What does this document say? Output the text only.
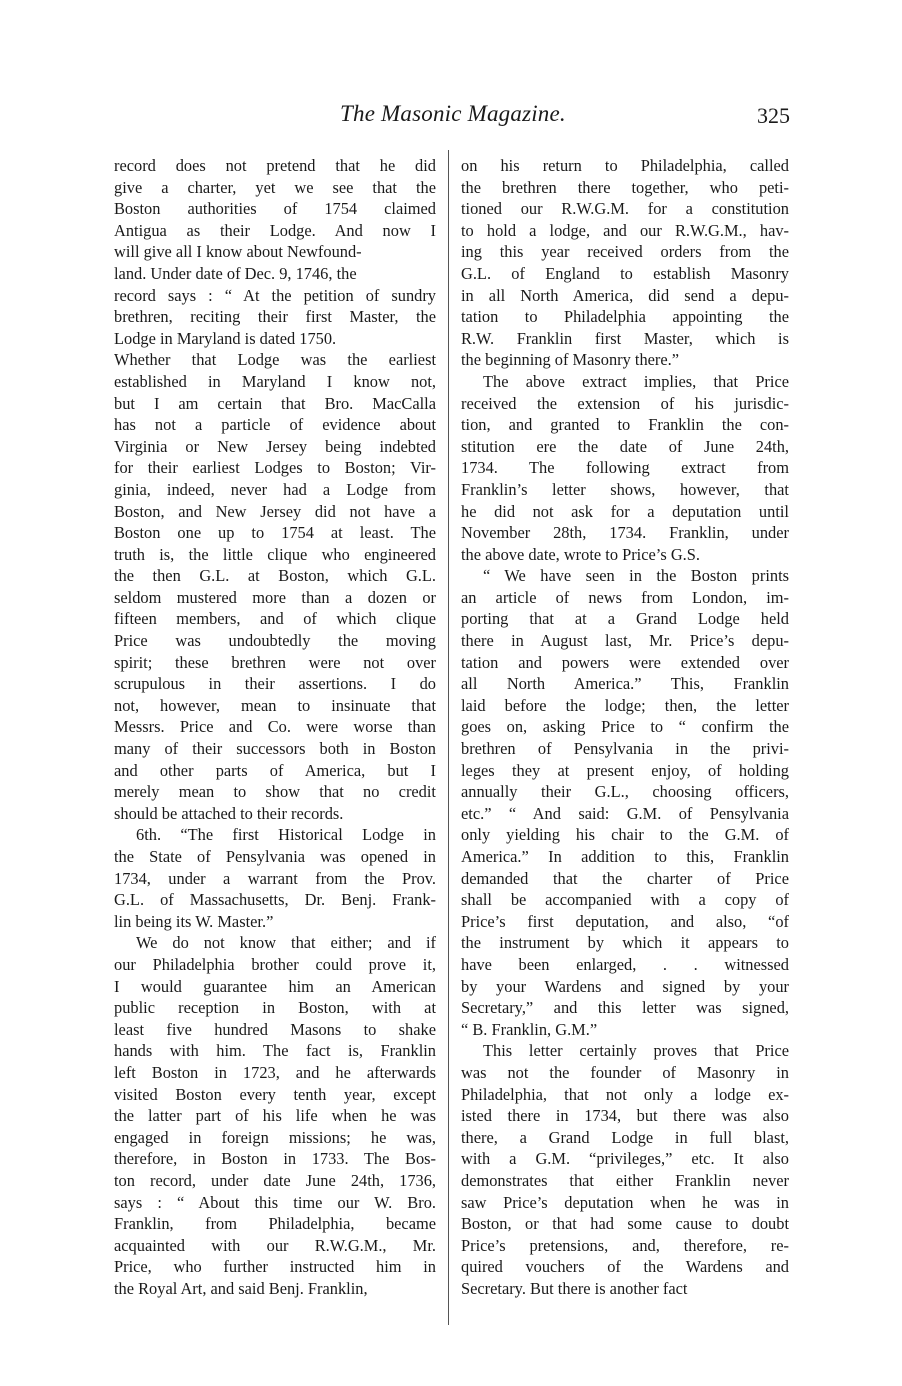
The Masonic Magazine.	325
record does not pretend that he did
give a charter, yet we see that the
Boston authorities of 1754 claimed
Antigua as their Lodge. And now I
will give all I know about Newfound-
land. Under date of Dec. 9, 1746, the
record says : “ At the petition of sundry
brethren, reciting their first Master, the
Lodge in Maryland is dated 1750.
Whether that Lodge was the earliest
established in Maryland I know not,
but I am certain that Bro. MacCalla
has not a particle of evidence about
Virginia or New Jersey being indebted
for their earliest Lodges to Boston; Vir-
ginia, indeed, never had a Lodge from
Boston, and New Jersey did not have a
Boston one up to 1754 at least. The
truth is, the little clique who engineered
the then G.L. at Boston, which G.L.
seldom mustered more than a dozen or
fifteen members, and of which clique
Price was undoubtedly the moving
spirit; these brethren were not over
scrupulous in their assertions. I do
not, however, mean to insinuate that
Messrs. Price and Co. were worse than
many of their successors both in Boston
and other parts of America, but I
merely mean to show that no credit
should be attached to their records.
6th. “The first Historical Lodge in
the State of Pensylvania was opened in
1734, under a warrant from the Prov.
G.L. of Massachusetts, Dr. Benj. Frank-
lin being its W. Master.”
We do not know that either; and if
our Philadelphia brother could prove it,
I would guarantee him an American
public reception in Boston, with at
least five hundred Masons to shake
hands with him. The fact is, Franklin
left Boston in 1723, and he afterwards
visited Boston every tenth year, except
the latter part of his life when he was
engaged in foreign missions; he was,
therefore, in Boston in 1733. The Bos-
ton record, under date June 24th, 1736,
says : “ About this time our W. Bro.
Franklin, from Philadelphia, became
acquainted with our R.W.G.M., Mr.
Price, who further instructed him in
the Royal Art, and said Benj. Franklin,
on his return to Philadelphia, called
the brethren there together, who peti-
tioned our R.W.G.M. for a constitution
to hold a lodge, and our R.W.G.M., hav-
ing this year received orders from the
G.L. of England to establish Masonry
in all North America, did send a depu-
tation to Philadelphia appointing the
R.W. Franklin first Master, which is
the beginning of Masonry there.”
The above extract implies, that Price
received the extension of his jurisdic-
tion, and granted to Franklin the con-
stitution ere the date of June 24th,
1734. The following extract from
Franklin’s letter shows, however, that
he did not ask for a deputation until
November 28th, 1734. Franklin, under
the above date, wrote to Price’s G.S.
“ We have seen in the Boston prints
an article of news from London, im-
porting that at a Grand Lodge held
there in August last, Mr. Price’s depu-
tation and powers were extended over
all North America.” This, Franklin
laid before the lodge; then, the letter
goes on, asking Price to “ confirm the
brethren of Pensylvania in the privi-
leges they at present enjoy, of holding
annually their G.L., choosing officers,
etc.” “ And said: G.M. of Pensylvania
only yielding his chair to the G.M. of
America.” In addition to this, Franklin
demanded that the charter of Price
shall be accompanied with a copy of
Price’s first deputation, and also, “of
the instrument by which it appears to
have been enlarged, . . witnessed
by your Wardens and signed by your
Secretary,” and this letter was signed,
“ B. Franklin, G.M.”
This letter certainly proves that Price
was not the founder of Masonry in
Philadelphia, that not only a lodge ex-
isted there in 1734, but there was also
there, a Grand Lodge in full blast,
with a G.M. “privileges,” etc. It also
demonstrates that either Franklin never
saw Price’s deputation when he was in
Boston, or that had some cause to doubt
Price’s pretensions, and, therefore, re-
quired vouchers of the Wardens and
Secretary. But there is another fact
